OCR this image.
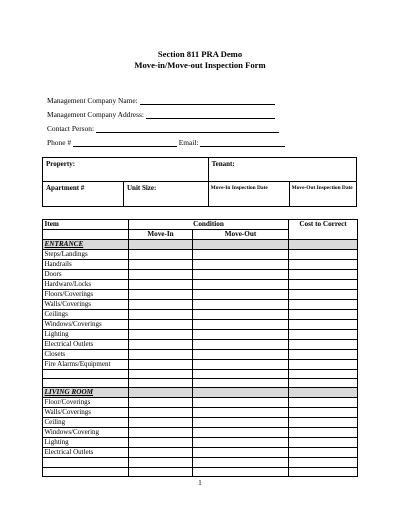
Section 811 PRA Demo
Move-in/Move-out Inspection Form
Management Company Name:
Management Company Address:
Contact Person:
Phone #	Email:
Property:		Tenant:	
Apartment #	Unit Size:	Move-In Inspection Date	Move-Out Inspection Date
Item	Condition		Cost to Correct
	Move-In	Move-Out	
ENTRANCE			
Steps/Landings			
Handrails			
Doors			
Hardware/Locks			
Floors/Coverings			
Walls/Coverings			
Ceilings			
Windows/Coverings			
Lighting			
Electrical Outlets			
Closets			
Fire Alarms/Equipment			

LIVING ROOM			
Floor/Coverings			
Walls/Coverings			
Ceiling			
Windows/Covering			
Lighting			
Electrical Outlets			

1
